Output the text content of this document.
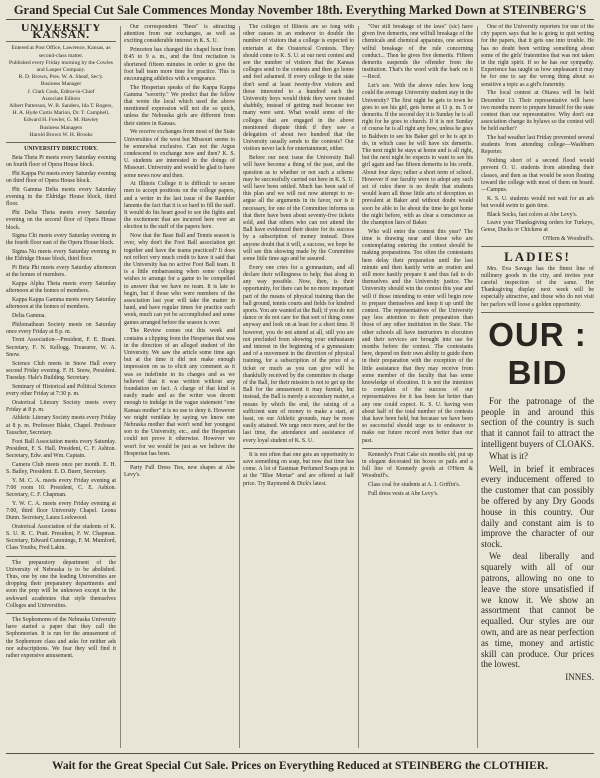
Grand Special Cut Sale Commences Monday November 18th. Everything Marked Down at STEINBERG'S
UNIVERSITY KANSAN.
Entered at Post Office, Lawrence, Kansas, as second-class matter.
Published every Friday morning by the Cowles and Lauper Company.
R. D. Brown, Pres. W. A. Sheaf, Sec'y.
Business Manager
J. Clark Cook, Editor-in-Chief
Associate Editors
Albert Patterson, W. B. Sanders, Ida T. Rogers, H. A. Hyde Curtis Marion, Dr. T. Campbell, Edward H. Fowler, G. M. Hawley
Business Managers
Harold Brown W. H. Brooks
UNIVERSITY DIRECTORY.

Beta Theta Pi meets every Saturday evening on fourth floor of Opera House block.

Phi Kappa Psi meets every Saturday evening on third floor of Opera House block.

Phi Gamma Delta meets every Saturday evening in the Eldridge House block, third floor.

Phi Delta Theta meets every Saturday evening on the second floor of Opera House block.

Sigma Chi meets every Saturday evening in the fourth floor east of the Opera House block.

Sigma Nu meets every Saturday evening in the Eldridge House block, third floor.

Pi Beta Phi meets every Saturday afternoon at the homes of members.

Kappa Alpha Theta meets every Saturday afternoon at the homes of members.

Kappa Kappa Gamma meets every Saturday afternoon at the homes of members.

Delta Gamma.

Philomathean Society meets on Saturday once every Friday at 8 p. m.

Trent Association—President, F. E. Brant. Secretary, F. N. Kellogg. Treasurer, W. A. Snow.

Science Club meets in Snow Hall every second Friday evening. F. H. Snow, President. Tuesday. Hale's Building. Secretary.

Seminary of Historical and Political Science every other Friday at 7:30 p. m.

Oratorical Literary Society meets every Friday at 8 p. m.

Athletic Literary Society meets every Friday at 8 p. m. Professor Blake, Chapel. Professor Tauscher, Secretary.

Foot Ball Association meets every Saturday. President, F. S. Hall. President, C. F. Ashton. Secretary, Edw. and Wm. Captain.

Camera Club meets once per month. E. H. S. Bailey, President. E. D. Buerr, Secretary.

Y. M. C. A. meets every Friday evening at 7:00 room 10. President, C. E. Ashton. Secretary, C. F. Chapman.

Y. W. C. A. meets every Friday evening at 7:00, third floor University Chapel. Leona Dunn. Secretary, Laura Lockwood.

Oratorical Association of the students of K. S. U. R. C. Pratt. President, F. W. Chapman. Secretary, Edward Cummings, F. M. Mumford, Class Youths, Fred Lakin.

The preparatory department of the University of Nebraska is to be abolished. Thus, one by one the leading Universities are dropping their preparatory departments and soon the prep will be unknown except in the awkward academies that style themselves Colleges and Universities.

The Sophomores of the Nebraska University have started a paper that they call the Sophomorian. It is run for the amusement of the Sophomore class and asks for neither ads nor subscriptions. We fear they will find it rather expensive amusement.

Our correspondent "Bees" is attracting attention from our exchanges, as well as exciting considerable interest in K. S. U.

Princeton has changed the chapel hour from 8:45 to 9 a. m., and the first recitation is shortened fifteen minutes in order to give the foot ball team more time for practice. This is encouraging athletics with a vengeance.

The Hesperian speaks of the Kappa Kappa Gamma "sorority." We predict that the fellow that wrote the local which used the above mentioned expression will not die so quick, unless the Nebraska girls are different from their sisters in Kansas.

We receive exchanges from most of the State Universities of the west but Missouri seems to be somewhat exclusive. Can not the Argus condescend to exchange now and then? K. S. U. students are interested in the doings of Missouri. University and would be glad to have some news now and then.

At Illinois College it is difficult to secure men to accept positions on the college papers, and a writer in the last issue of the Rambler laments the fact that it is so hard to fill the staff. It would do his heart good to see the fights and the excitement that are incurred here over an election to the staff of the papers here.

Now that the Base Ball and Tennis season is over, why don't the Foot Ball association get together and have the teams practiced? It does not reflect very much credit to have it said that the University has no active Foot Ball team. It is a little embarrassing when some college wishes to arrange for a game to be compelled to answer that we have no team. It is late to begin, but if those who were members of the association last year will take the matter in hand, and have regular times for practice each week, much can yet be accomplished and some games arranged before the season is over.

The Review comes out this week and contains a clipping from the Hesperian that was in the direction of an alleged student of the University. We saw the article some time ago but at the time it did not make enough impression on us to elicit any comment as it was so indefinite in its charges and as we believed that it was written without any foundation on fact. A charge of that kind is easily made and as the writer was decent enough to indulge in the vague statement "one Kansas mother" it is no use to deny it. However we might ventilate by saying we know one Nebraska mother that won't send her youngest son to the University, etc., and the Hesperian could not prove it otherwise. However we won't for we would be just as we believe the Hesperian has been.

Party Full Dress Ties, new shapes at Abe Levy's.

The colleges of Illinois are so long with other causes in an endeavor to double the number of visitors that a college is expected to entertain at the Oratorical Contests. They should come to K. S. U. at our next contest and see the number of visitors that the Kansas colleges send to the contests and then go home and feel ashamed. If every college in the state don't send at least twenty-five visitors and those interested to a hundred each the University boys would think they were treated shabbily, instead of getting mad because too many were sent. What would some of the colleges that are engaged in the above mentioned dispute think if they saw a delegation of about two hundred that the University usually sends to the contests? Our visitors never lack for entertainment, either.

Before our next issue the University Ball will have become a thing of the past, and the question as to whether or not such a scheme may be successfully carried out here in K. S. U. will have been settled. Much has been said of this plan and we will not now attempt to re-argue all the arguments in its favor, nor is it necessary, for one of the Committee informs us that there have been about seventy-five tickets sold, and that others who can not attend the Ball have evidenced their desire for its success by a subscription of money instead. Does anyone doubt that it will, a success, we hope he will see this showing made by the Committee some little time ago and be assured.

Every one cries for a gymnasium, and all declare their willingness to help; that along in any way possible. Now, then, is their opportunity, for there can be no more important part of the means of physical training than the ball ground, tennis courts and fields for kindred sports. You are wanted at the Ball; if you do not dance or do not care for that sort of thing come anyway and look on at least for a short time. If however, you do not attend at all, still you are not precluded from showing your enthusiasm and interest in the beginning of a gymnasium and of a movement in the direction of physical training, for a subscription of the price of a ticket or much as you can give will be thankfully received by the committee in charge of the Ball, for their mission is not to get up the Ball for the amusement it may furnish, but instead, the Ball is merely a secondary matter, a means by which the end, the raising of a sufficient sum of money to make a start, at least, on our Athletic grounds, may be more easily attained. We urge once more, and for the last time, the attendance and assistance of every loyal student of K. S. U.

It is not often that one gets an opportunity to save something on soap, but now that time has come. A lot of Eastman Perfumed Soaps put in at the "Blue Mortar" and are offered at half price. Try Raymond & Dick's latest.

"Our still breakage of the laws" (sic) have given five demerits, one wilfull breakage of the chemicals and chemical apparatus, one serious wilful breakage of the rule concerning conduct... Then he gives five demerits. Fifteen demerits suspends the offender from the institution. That's the word with the bark on it—Recd.

Let's see. With the above rules how long could the average University student stay in the University? The first night he gets to town he goes to see his girl, gets home at 11 p. m. 5 or demerits. If the second day it is Sunday he is all right for he goes to church. If it is not Sunday of course he is all right any how, unless he goes to Baldwin to see his Baker girl or he is apt to do, in which case he will have six demerits. The next night he stays at home and is all right, but the next night he expects to want to see his girl again and has fifteen demerits to his credit. About four days; rather a short term of school. However if our faculty were to adopt any such set of rules there is no doubt that students would learn all those little arts of deception so prevalent at Baker and without doubt would soon be able to lie about the time he got home the night before, with as clear a conscience as the champion liars of Baker.

Who will enter the contest this year? The time is drawing near and those who are contemplating entering the contest should be making preparations. Too often the contestants here delay their preparation until the last minute and then hastily write an oration and still more hastily prepare it and thus fail to do themselves and the University justice. The University should win the contest this year and will if those intending to enter will begin now to prepare themselves and keep it up until the contest. The representatives of the University pay less attention to their preparation than those of any other institution in the State. The other schools all have instructors in elocution and their services are brought into use for months before the contest. The contestants here, depend on their own ability to guide them in their preparation with the exception of the little assistance that they may receive from some member of the faculty that has some knowledge of elocution. It is not the intention to complain of the success of our representatives for it has been far better than any one could expect. K. S. U. having won about half of the total number of the contests that have been held, but because we have been so successful should urge us to endeavor to make our future record even better than our past.

Kennedy's Fruit Cake six months old, put up in elegant decorated tin boxes or pails and a full line of Kennedy goods at O'Hern & Woodruff's.

Class coal for students at A. J. Griffin's.

Full dress vests at Abe Levy's.

One of the University reporters for one of the city papers says that he is going to quit writing for the papers, that it gets one into trouble. He has no doubt been writing something about some of the girls' fraternities that was not taken in the right spirit. If so he has our sympathy. Experience has taught us how unpleasant it may be for one to say the wrong thing about so sensitive a topic as a girl's fraternity.

The local contest at Ottawa will be held December 13. Their representative will have two months more to prepare himself for the state contest than our representative. Why don't our association change its bylaws so the contest will be held earlier?

The bad weather last Friday prevented several students from attending college—Washburn Reporter.

Nothing short of a second flood would prevent O. U. students from attending their classes, and then as that would be soon floating toward the college with most of them on board.—Campus.

K. S. U. students would not wait for an ark but would swim to gain time.

Black Socks, fast colors at Abe Levy's.

Leave your Thanksgiving orders for Turkeys, Geese, Ducks or Chickens at

O'Hern & Woodruff's.

LADIES!

Mrs. Eva Savage has the finest line of millinery goods in the city, and invites your careful inspection of the same. Her Thanksgiving display next week will be especially attractive, and those who do not visit her parlors will loose a golden opportunity.

OUR : BID

For the patronage of the people in and around this section of the country is such that it cannot fail to attract the intelligent buyers of CLOAKS.

What is it?

Well, in brief it embraces every inducement offered to the customer that can possibly be offered by any Dry Goods house in this country. Our daily and constant aim is to improve the character of our stock.

We deal liberally and squarely with all of our patrons, allowing no one to leave the store unsatisfied if we know it. We show an assortment that cannot be equalled. Our styles are our own, and are as near perfection as time, money and artistic skill can produce. Our prices the lowest.

INNES.

Wait for the Great Special Cut Sale. Prices on Everything Reduced at STEINBERG the CLOTHIER.
